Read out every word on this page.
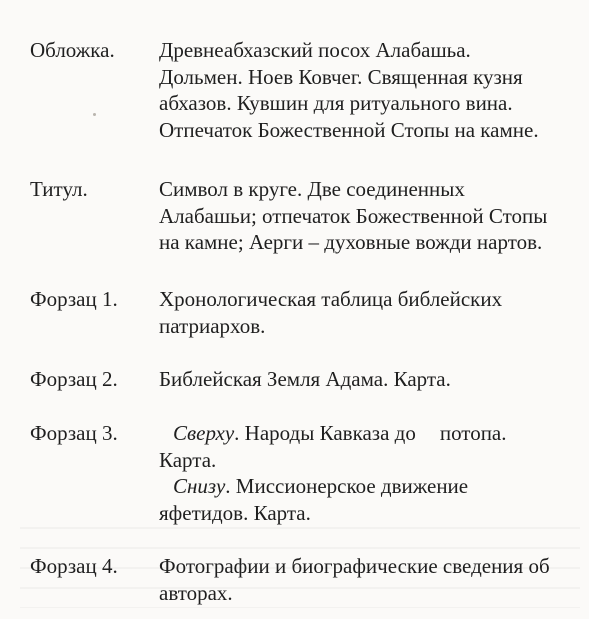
Обложка. Древнеабхазский посох Алабашьа.
Дольмен. Ноев Ковчег. Священная кузня
абхазов. Кувшин для ритуального вина.
Отпечаток Божественной Стопы на камне.
Титул.	Символ в круге. Две соединенных
Алабашьи; отпечаток Божественной Стопы
на камне; Аерги – духовные вожди нартов.
Форзац 1. Хронологическая таблица библейских
патриархов.
Форзац 2. Библейская Земля Адама. Карта.
Форзац 3.	Сверху. Народы Кавказа до потопа.
Карта.
Снизу. Миссионерское движение
яфетидов. Карта.
Форзац 4. Фотографии и биографические сведения об
авторах.
